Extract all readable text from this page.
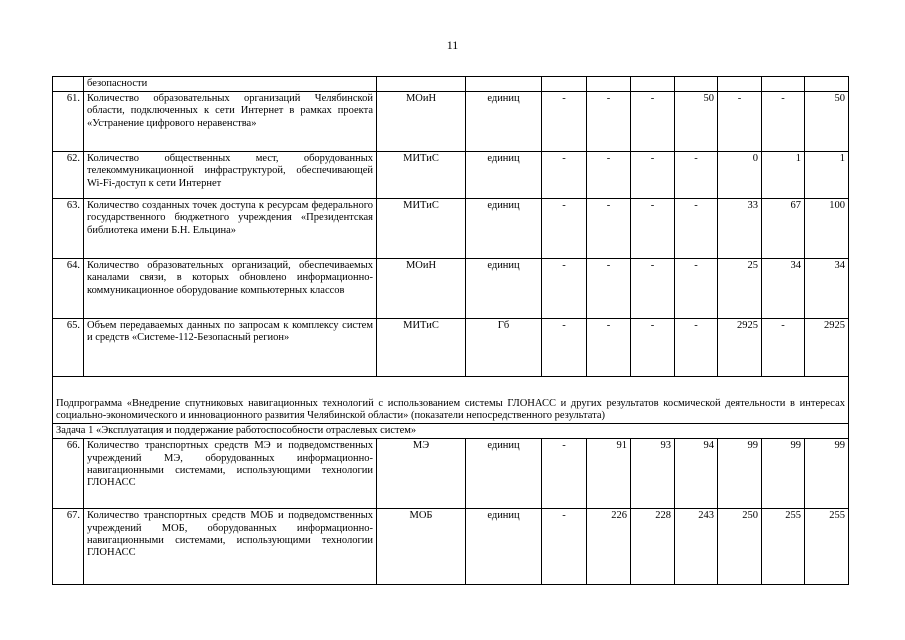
11
	безопасности									
61.	Количество образовательных организаций Челябинской области, подключенных к сети Интернет в рамках проекта «Устранение цифрового неравенства»	МОиН	единиц	-	-	-	50	-	-	50
62.	Количество общественных мест, оборудованных телекоммуникационной инфраструктурой, обеспечивающей Wi-Fi-доступ к сети Интернет	МИТиС	единиц	-	-	-	-	0	1	1
63.	Количество созданных точек доступа к ресурсам федерального государственного бюджетного учреждения «Президентская библиотека имени Б.Н. Ельцина»	МИТиС	единиц	-	-	-	-	33	67	100
64.	Количество образовательных организаций, обеспечиваемых каналами связи, в которых обновлено информационно-коммуникационное оборудование компьютерных классов	МОиН	единиц	-	-	-	-	25	34	34
65.	Объем передаваемых данных по запросам к комплексу систем и средств «Системе-112-Безопасный регион»	МИТиС	Гб	-	-	-	-	2925	-	2925
Подпрограмма «Внедрение спутниковых навигационных технологий с использованием системы ГЛОНАСС и других результатов космической деятельности в интересах социально-экономического и инновационного развития Челябинской области» (показатели непосредственного результата)										
Задача 1 «Эксплуатация и поддержание работоспособности отраслевых систем»										
66.	Количество транспортных средств МЭ и подведомственных учреждений МЭ, оборудованных информационно-навигационными системами, использующими технологии ГЛОНАСС	МЭ	единиц	-	91	93	94	99	99	99
67.	Количество транспортных средств МОБ и подведомственных учреждений МОБ, оборудованных информационно-навигационными системами, использующими технологии ГЛОНАСС	МОБ	единиц	-	226	228	243	250	255	255
